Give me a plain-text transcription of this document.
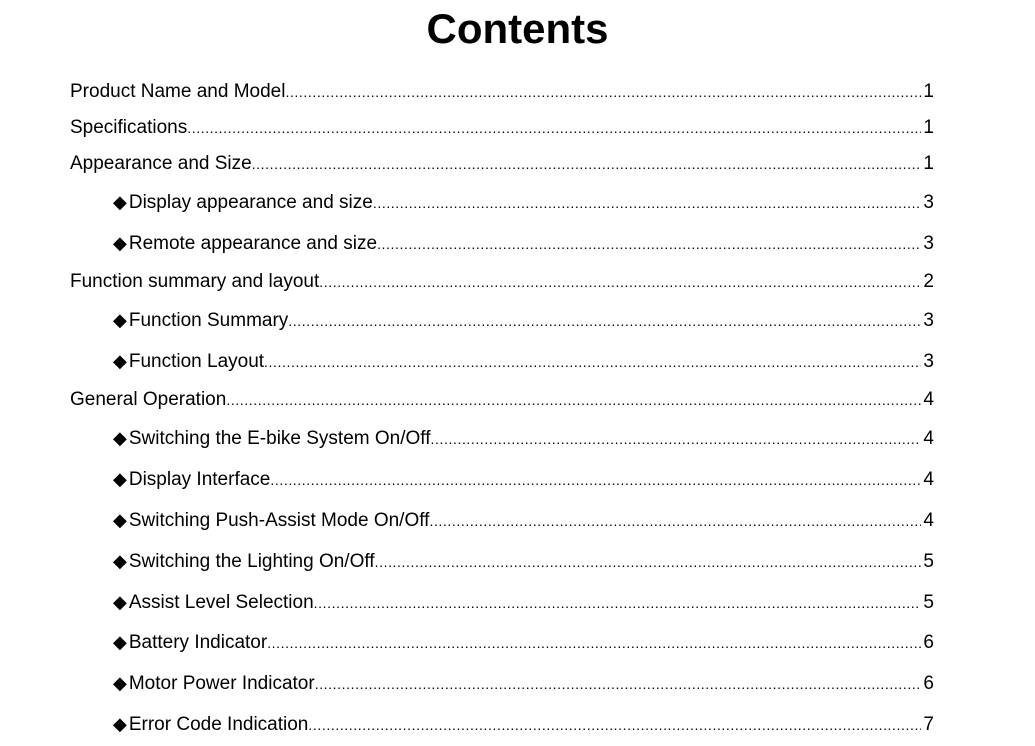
Contents
Product Name and Model .....	1
Specifications .....	1
Appearance and Size .....	1
◆ Display appearance and size .....	3
◆ Remote appearance and size .....	3
Function summary and layout .....	2
◆ Function Summary .....	3
◆ Function Layout .....	3
General Operation .....	4
◆ Switching the E-bike System On/Off .....	4
◆ Display Interface .....	4
◆ Switching Push-Assist Mode On/Off .....	4
◆ Switching the Lighting On/Off .....	5
◆ Assist Level Selection .....	5
◆ Battery Indicator .....	6
◆ Motor Power Indicator .....	6
◆ Error Code Indication .....	7
